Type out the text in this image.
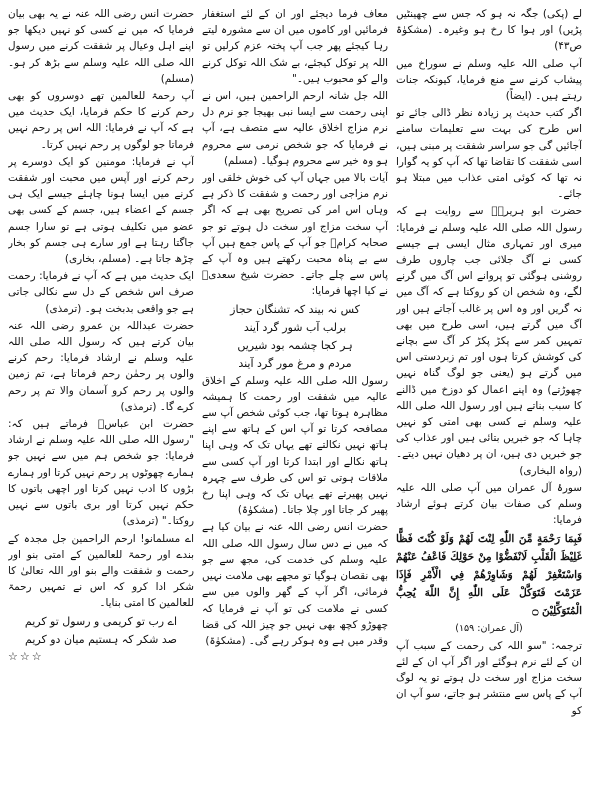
لے (پکی) جگہ نہ ہو کہ جس سے چھینٹیں پڑیں) اور ہوا کا رخ ہو وغیرہ۔ (مشکوٰۃ ص۴۳)

آپ صلی اللہ علیہ وسلم نے سوراخ میں پیشاب کرنے سے منع فرمایا، کیونکہ جنات رہتے ہیں۔ (ایضاً)

اگر کتب حدیث پر زیادہ نظر ڈالی جائے تو اس طرح کی بہت سے تعلیمات سامنے آجائیں گی جو سراسر شفقت پر مبنی ہیں، اسی شفقت کا تقاضا تھا کہ آپ کو یہ گوارا نہ تھا کہ کوئی امتی عذاب میں مبتلا ہو جائے۔

حضرت ابو ہریرہؓ سے روایت ہے کہ رسول اللہ صلی اللہ علیہ وسلم نے فرمایا: میری اور تمہاری مثال ایسی ہے جیسے کسی نے آگ جلائی جب چاروں طرف روشنی ہوگئی تو پروانے اس آگ میں گرنے لگے، وہ شخص ان کو روکتا ہے کہ آگ میں نہ گریں اور وہ اس پر غالب آجاتے ہیں اور آگ میں گرتے ہیں، اسی طرح میں بھی تمہیں کمر سے پکڑ پکڑ کر آگ سے بچانے کی کوشش کرتا ہوں اور تم زبردستی اس میں گرتے ہو (یعنی جو لوگ گناہ نہیں چھوڑتے) وہ اپنے اعمال کو دوزخ میں ڈالنے کا سبب بناتے ہیں اور رسول اللہ صلی اللہ علیہ وسلم نے کسی بھی امتی کو نہیں چاہا کہ جو خبریں بتائی ہیں اور عذاب کی جو خبریں دی ہیں، ان پر دھیان نہیں دیتے۔ (رواہ البخاری)

سورۂ آل عمران میں آپ صلی اللہ علیہ وسلم کی صفات بیان کرتے ہوئے ارشاد فرمایا:

فَبِمَا رَحْمَةٍ مِّنَ اللّٰهِ لِنْتَ لَهُمْ وَلَوْ كُنْتَ فَظًّا غَلِيْظَ الْقَلْبِ لَانْفَضُّوْا مِنْ حَوْلِكَ فَاعْفُ عَنْهُمْ وَاسْتَغْفِرْ لَهُمْ وَشَاوِرْهُمْ فِي الْأَمْرِ فَإِذَا عَزَمْتَ فَتَوَكَّلْ عَلَى اللّٰهِ إِنَّ اللّٰهَ يُحِبُّ الْمُتَوَكِّلِيْنَ ۝

(آل عمران: ۱۵۹)

ترجمہ: "سو اللہ کی رحمت کے سبب آپ ان کے لئے نرم ہوگئے اور اگر آپ ان کے لئے سخت مزاج اور سخت دل ہوتے تو یہ لوگ آپ کے پاس سے منتشر ہو جاتے، سو آپ ان کو

معاف فرما دیجئے اور ان کے لئے استغفار فرمائیں اور کاموں میں ان سے مشورہ لیتے رہا کیجئے پھر جب آپ پختہ عزم کرلیں تو اللہ پر توکل کیجئے، بے شک اللہ توکل کرنے والے کو محبوب ہیں۔"

اللہ جل شانہ ارحم الراحمین ہیں، اس نے اپنی رحمت سے ایسا نبی بھیجا جو نرم دل نرم مزاج اخلاق عالیہ سے متصف ہے، آپ نے فرمایا کہ جو شخص نرمی سے محروم ہو وہ خیر سے محروم ہوگیا۔ (مسلم)

آیات بالا میں جہاں آپ کی خوش خلقی اور نرم مزاجی اور رحمت و شفقت کا ذکر ہے وہاں اس امر کی تصریح بھی ہے کہ اگر آپ سخت مزاج اور سخت دل ہوتے تو جو صحابہ کرامؓ جو آپ کے پاس جمع ہیں آپ سے بے پناہ محبت رکھتے ہیں وہ آپ کے پاس سے چلے جاتے۔ حضرت شیخ سعدیؒ نے کیا اچھا فرمایا:

کس نہ بیند کہ تشنگان حجاز

برلب آب شور گرد آیند

ہر کجا چشمہ بود شیریں

مردم و مرغ مور گرد آیند

رسول اللہ صلی اللہ علیہ وسلم کے اخلاق عالیہ میں شفقت اور رحمت کا ہمیشہ مظاہرہ ہوتا تھا، جب کوئی شخص آپ سے مصافحہ کرتا تو آپ اس کے ہاتھ سے اپنے ہاتھ نہیں نکالتے تھے یہاں تک کہ وہی اپنا ہاتھ نکالے اور ابتدا کرتا اور آپ کسی سے ملاقات ہوتی تو اس کی طرف سے چہرہ نہیں پھیرتے تھے یہاں تک کہ وہی اپنا رخ پھیر کر جاتا اور چلا جاتا۔ (مشکوٰۃ)

حضرت انس رضی اللہ عنہ نے بیان کیا ہے کہ میں نے دس سال رسول اللہ صلی اللہ علیہ وسلم کی خدمت کی، مجھ سے جو بھی نقصان ہوگیا تو مجھے بھی ملامت نہیں فرمائی، اگر آپ کے گھر والوں میں سے کسی نے ملامت کی تو آپ نے فرمایا کہ چھوڑو کچھ بھی نہیں جو چیز اللہ کی قضا وقدر میں ہے وہ ہوکر رہے گی۔ (مشکوٰۃ)

حضرت انس رضی اللہ عنہ نے یہ بھی بیان فرمایا کہ میں نے کسی کو نہیں دیکھا جو اپنے اہل وعیال پر شفقت کرنے میں رسول اللہ صلی اللہ علیہ وسلم سے بڑھ کر ہو۔ (مسلم)

آپ رحمۃ للعالمین تھے دوسروں کو بھی رحم کرنے کا حکم فرمایا، ایک حدیث میں ہے کہ آپ نے فرمایا: اللہ اس پر رحم نہیں فرماتا جو لوگوں پر رحم نہیں کرتا۔

آپ نے فرمایا: مومنین کو ایک دوسرے پر رحم کرنے اور آپس میں محبت اور شفقت کرنے میں ایسا ہونا چاہئے جیسے ایک ہی جسم کے اعضاء ہیں، جسم کے کسی بھی عضو میں تکلیف ہوتی ہے تو سارا جسم جاگتا رہتا ہے اور سارے ہی جسم کو بخار چڑھ جاتا ہے۔ (مسلم، بخاری)

ایک حدیث میں ہے کہ آپ نے فرمایا: رحمت صرف اس شخص کے دل سے نکالی جاتی ہے جو واقعی بدبخت ہو۔ (ترمذی)

حضرت عبداللہ بن عمرو رضی اللہ عنہ بیان کرتے ہیں کہ رسول اللہ صلی اللہ علیہ وسلم نے ارشاد فرمایا: رحم کرنے والوں پر رحمٰن رحم فرماتا ہے، تم زمین والوں پر رحم کرو آسمان والا تم پر رحم کرے گا۔ (ترمذی)

حضرت ابن عباسؓ فرماتے ہیں کہ: "رسول اللہ صلی اللہ علیہ وسلم نے ارشاد فرمایا: جو شخص ہم میں سے نہیں جو ہمارے چھوٹوں پر رحم نہیں کرتا اور ہمارے بڑوں کا ادب نہیں کرتا اور اچھی باتوں کا حکم نہیں کرتا اور بری باتوں سے نہیں روکتا۔" (ترمذی)

اے مسلمانو! ارحم الراحمین جل مجدہ کے بندے اور رحمۃ للعالمین کے امتی بنو اور رحمت و شفقت والے بنو اور اللہ تعالیٰ کا شکر ادا کرو کہ اس نے تمہیں رحمۃ للعالمین کا امتی بنایا۔

اے رب تو کریمی و رسول تو کریم

صد شکر کہ ہستیم میان دو کریم

☆☆☆
